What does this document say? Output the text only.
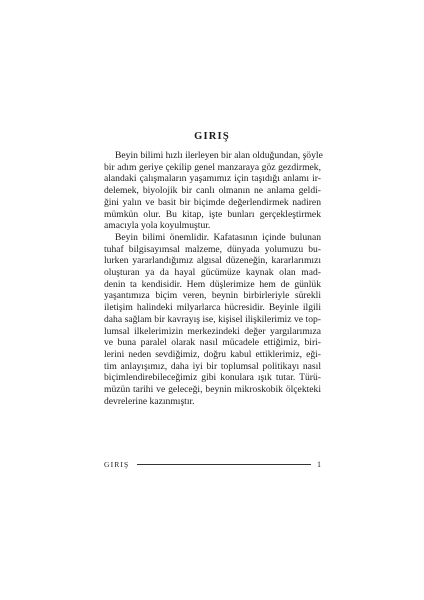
GIRIŞ
Beyin bilimi hızlı ilerleyen bir alan olduğundan, şöyle
bir adım geriye çekilip genel manzaraya göz gezdirmek,
alandaki çalışmaların yaşamımız için taşıdığı anlamı ir-
delemek, biyolojik bir canlı olmanın ne anlama geldi-
ğini yalın ve basit bir biçimde değerlendirmek nadiren
mümkün olur. Bu kitap, işte bunları gerçekleştirmek
amacıyla yola koyulmuştur.
Beyin bilimi önemlidir. Kafatasının içinde bulunan
tuhaf bilgisayımsal malzeme, dünyada yolumuzu bu-
lurken yararlandığımız algısal düzeneğin, kararlarımızı
oluşturan ya da hayal gücümüze kaynak olan mad-
denin ta kendisidir. Hem düşlerimize hem de günlük
yaşantımıza biçim veren, beynin birbirleriyle sürekli
iletişim halindeki milyarlarca hücresidir. Beyinle ilgili
daha sağlam bir kavrayış ise, kişisel ilişkilerimiz ve top-
lumsal ilkelerimizin merkezindeki değer yargılarımıza
ve buna paralel olarak nasıl mücadele ettiğimiz, biri-
lerini neden sevdiğimiz, doğru kabul ettiklerimiz, eği-
tim anlayışımız, daha iyi bir toplumsal politikayı nasıl
biçimlendirebileceğimiz gibi konulara ışık tutar. Türü-
müzün tarihi ve geleceği, beynin mikroskobik ölçekteki
devrelerine kazınmıştır.
GIRIŞ	1
